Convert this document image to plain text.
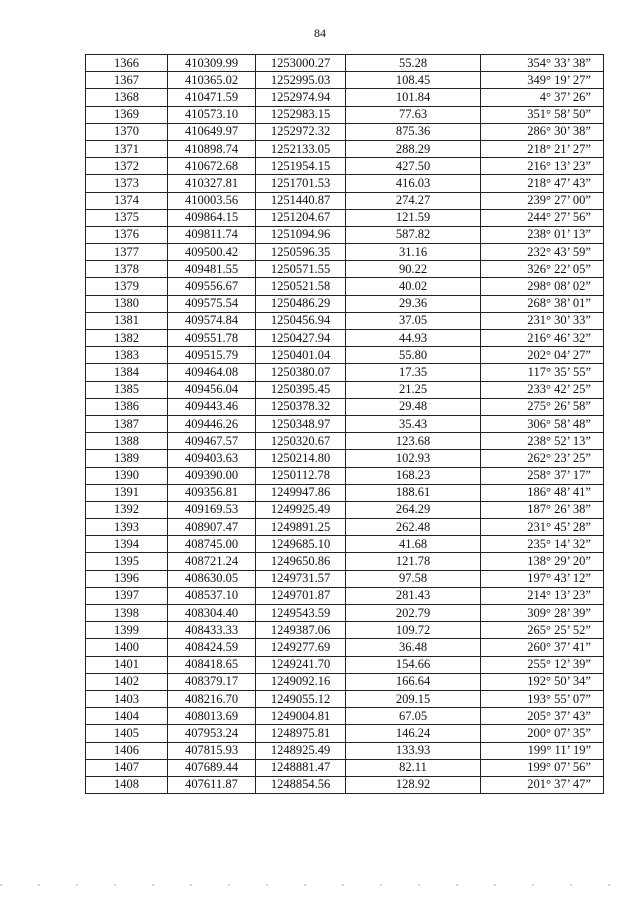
84
1366	410309.99	1253000.27	55.28	354° 33’ 38”
1367	410365.02	1252995.03	108.45	349° 19’ 27”
1368	410471.59	1252974.94	101.84	4° 37’ 26”
1369	410573.10	1252983.15	77.63	351° 58’ 50”
1370	410649.97	1252972.32	875.36	286° 30’ 38”
1371	410898.74	1252133.05	288.29	218° 21’ 27”
1372	410672.68	1251954.15	427.50	216° 13’ 23”
1373	410327.81	1251701.53	416.03	218° 47’ 43”
1374	410003.56	1251440.87	274.27	239° 27’ 00”
1375	409864.15	1251204.67	121.59	244° 27’ 56”
1376	409811.74	1251094.96	587.82	238° 01’ 13”
1377	409500.42	1250596.35	31.16	232° 43’ 59”
1378	409481.55	1250571.55	90.22	326° 22’ 05”
1379	409556.67	1250521.58	40.02	298° 08’ 02”
1380	409575.54	1250486.29	29.36	268° 38’ 01”
1381	409574.84	1250456.94	37.05	231° 30’ 33”
1382	409551.78	1250427.94	44.93	216° 46’ 32”
1383	409515.79	1250401.04	55.80	202° 04’ 27”
1384	409464.08	1250380.07	17.35	117° 35’ 55”
1385	409456.04	1250395.45	21.25	233° 42’ 25”
1386	409443.46	1250378.32	29.48	275° 26’ 58”
1387	409446.26	1250348.97	35.43	306° 58’ 48”
1388	409467.57	1250320.67	123.68	238° 52’ 13”
1389	409403.63	1250214.80	102.93	262° 23’ 25”
1390	409390.00	1250112.78	168.23	258° 37’ 17”
1391	409356.81	1249947.86	188.61	186° 48’ 41”
1392	409169.53	1249925.49	264.29	187° 26’ 38”
1393	408907.47	1249891.25	262.48	231° 45’ 28”
1394	408745.00	1249685.10	41.68	235° 14’ 32”
1395	408721.24	1249650.86	121.78	138° 29’ 20”
1396	408630.05	1249731.57	97.58	197° 43’ 12”
1397	408537.10	1249701.87	281.43	214° 13’ 23”
1398	408304.40	1249543.59	202.79	309° 28’ 39”
1399	408433.33	1249387.06	109.72	265° 25’ 52”
1400	408424.59	1249277.69	36.48	260° 37’ 41”
1401	408418.65	1249241.70	154.66	255° 12’ 39”
1402	408379.17	1249092.16	166.64	192° 50’ 34”
1403	408216.70	1249055.12	209.15	193° 55’ 07”
1404	408013.69	1249004.81	67.05	205° 37’ 43”
1405	407953.24	1248975.81	146.24	200° 07’ 35”
1406	407815.93	1248925.49	133.93	199° 11’ 19”
1407	407689.44	1248881.47	82.11	199° 07’ 56”
1408	407611.87	1248854.56	128.92	201° 37’ 47”
